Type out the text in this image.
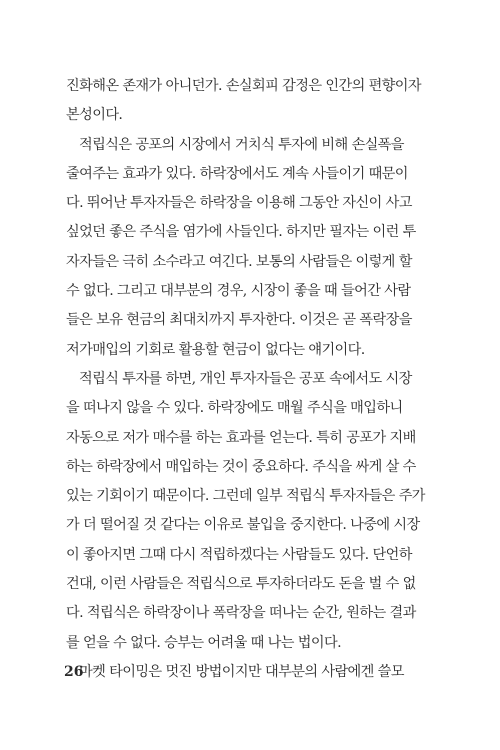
진화해온 존재가 아니던가. 손실회피 감정은 인간의 편향이자
본성이다.
적립식은 공포의 시장에서 거치식 투자에 비해 손실폭을
줄여주는 효과가 있다. 하락장에서도 계속 사들이기 때문이
다. 뛰어난 투자자들은 하락장을 이용해 그동안 자신이 사고
싶었던 좋은 주식을 염가에 사들인다. 하지만 필자는 이런 투
자자들은 극히 소수라고 여긴다. 보통의 사람들은 이렇게 할
수 없다. 그리고 대부분의 경우, 시장이 좋을 때 들어간 사람
들은 보유 현금의 최대치까지 투자한다. 이것은 곧 폭락장을
저가매입의 기회로 활용할 현금이 없다는 얘기이다.
적립식 투자를 하면, 개인 투자자들은 공포 속에서도 시장
을 떠나지 않을 수 있다. 하락장에도 매월 주식을 매입하니
자동으로 저가 매수를 하는 효과를 얻는다. 특히 공포가 지배
하는 하락장에서 매입하는 것이 중요하다. 주식을 싸게 살 수
있는 기회이기 때문이다. 그런데 일부 적립식 투자자들은 주가
가 더 떨어질 것 같다는 이유로 불입을 중지한다. 나중에 시장
이 좋아지면 그때 다시 적립하겠다는 사람들도 있다. 단언하
건대, 이런 사람들은 적립식으로 투자하더라도 돈을 벌 수 없
다. 적립식은 하락장이나 폭락장을 떠나는 순간, 원하는 결과
를 얻을 수 없다. 승부는 어려울 때 나는 법이다.
마켓 타이밍은 멋진 방법이지만 대부분의 사람에겐 쓸모

26
